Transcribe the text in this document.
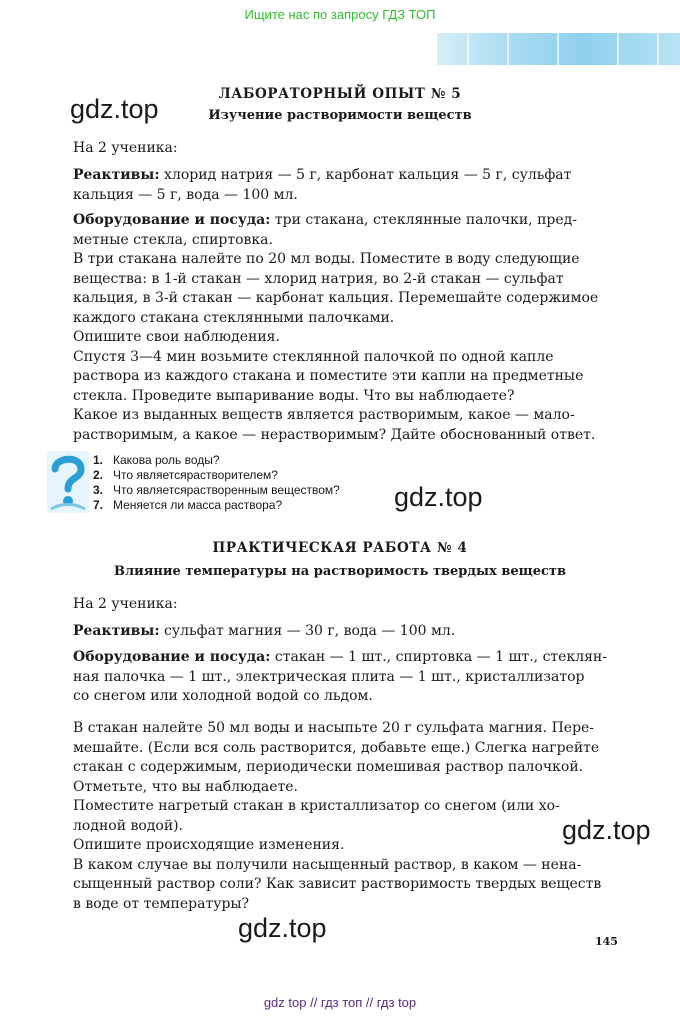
Ищите нас по запросу ГДЗ ТОП
gdz.top	ЛАБОРАТОРНЫЙ ОПЫТ № 5
Изучение растворимости веществ
На 2 ученика:
Реактивы: хлорид натрия — 5 г, карбонат кальция — 5 г, сульфат
кальция — 5 г, вода — 100 мл.
Оборудование и посуда: три стакана, стеклянные палочки, пред-
метные стекла, спиртовка.
В три стакана налейте по 20 мл воды. Поместите в воду следующие
вещества: в 1-й стакан — хлорид натрия, во 2-й стакан — сульфат
кальция, в 3-й стакан — карбонат кальция. Перемешайте содержимое
каждого стакана стеклянными палочками.
Опишите свои наблюдения.
Спустя 3—4 мин возьмите стеклянной палочкой по одной капле
раствора из каждого стакана и поместите эти капли на предметные
стекла. Проведите выпаривание воды. Что вы наблюдаете?
Какое из выданных веществ является растворимым, какое — мало-
растворимым, а какое — нерастворимым? Дайте обоснованный ответ.
1. Какова роль воды?
2. Что являетсярастворителем?
3. Что являетсярастворенным веществом?
7. Меняется ли масса раствора?	gdz.top
ПРАКТИЧЕСКАЯ РАБОТА № 4
Влияние температуры на растворимость твердых веществ
На 2 ученика:
Реактивы: сульфат магния — 30 г, вода — 100 мл.
Оборудование и посуда: стакан — 1 шт., спиртовка — 1 шт., стеклян-
ная палочка — 1 шт., электрическая плита — 1 шт., кристаллизатор
со снегом или холодной водой со льдом.
В стакан налейте 50 мл воды и насыпьте 20 г сульфата магния. Пере-
мешайте. (Если вся соль растворится, добавьте еще.) Слегка нагрейте
стакан с содержимым, периодически помешивая раствор палочкой.
Отметьте, что вы наблюдаете.
Поместите нагретый стакан в кристаллизатор со снегом (или хо-
лодной водой).
Опишите происходящие изменения.
В каком случае вы получили насыщенный раствор, в каком — нена-
сыщенный раствор соли? Как зависит растворимость твердых веществ
в воде от температуры?
gdz.top
gdz.top	145
gdz top // гдз топ // гдз top
